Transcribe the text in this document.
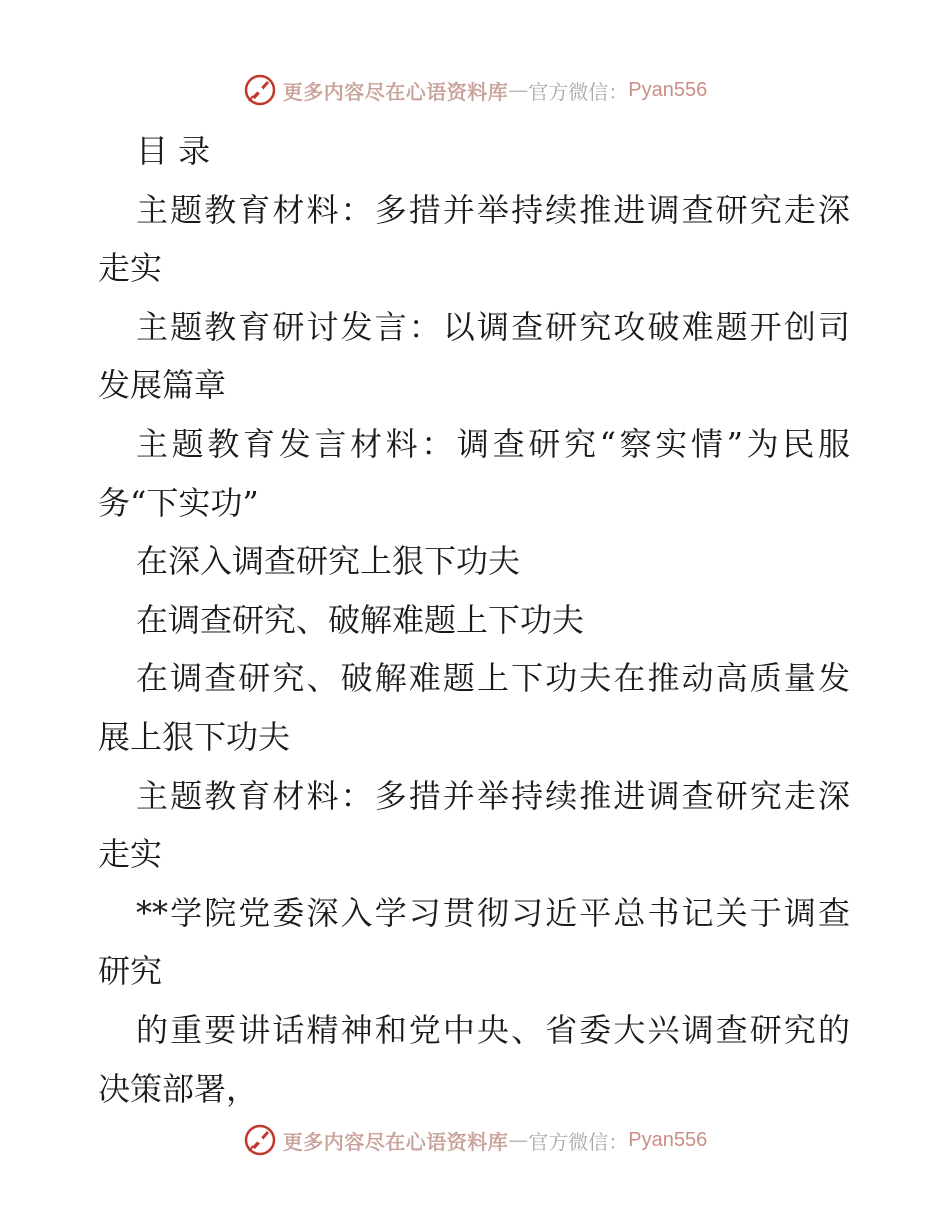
更多内容尽在心语资料库 — 官方微信： Pyan556
目 录
主题教育材料：多措并举持续推进调查研究走深
走实
主题教育研讨发言：以调查研究攻破难题开创司
发展篇章
主题教育发言材料：调查研究“察实情”为民服
务“下实功”
在深入调查研究上狠下功夫
在调查研究、破解难题上下功夫
在调查研究、破解难题上下功夫在推动高质量发
展上狠下功夫
主题教育材料：多措并举持续推进调查研究走深
走实
**学院党委深入学习贯彻习近平总书记关于调查
研究
的重要讲话精神和党中央、省委大兴调查研究的
决策部署，
更多内容尽在心语资料库 — 官方微信： Pyan556
